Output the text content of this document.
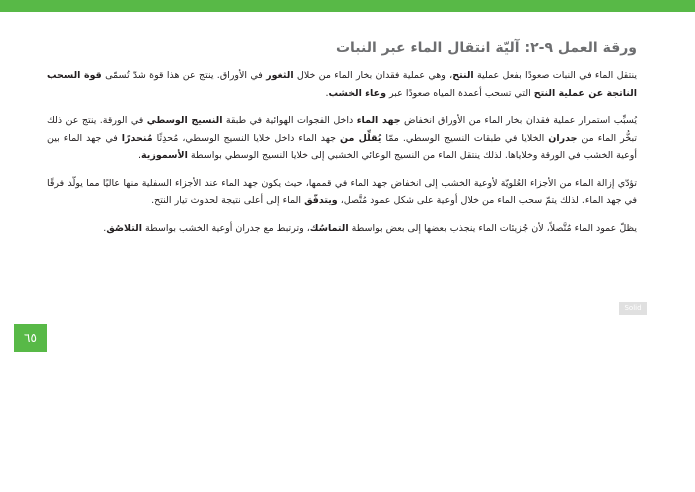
ورقة العمل ٩-٢: آليّة انتقال الماء عبر النبات

ينتقل الماء في النبات صعودًا بفعل عملية النتح، وهي عملية فقدان بخار الماء من خلال الثغور في الأوراق. ينتج عن هذا قوة شدّ تُسمّى قوة السحب الناتجة عن عملية النتح التي تسحب أعمدة المياه صعودًا عبر وعاء الخشب.

يُسبِّب استمرار عملية فقدان بخار الماء من الأوراق انخفاض جهد الماء داخل الفجوات الهوائية في طبقة النسيج الوسطي في الورقة. ينتج عن ذلك تبخُّر الماء من جدران الخلايا في طبقات النسيج الوسطي. ممّا يُقلِّل من جهد الماء داخل خلايا النسيج الوسطي، مُحدِثًا مُنحدرًا في جهد الماء بين أوعية الخشب في الورقة وخلاياها. لذلك ينتقل الماء من النسيج الوعائي الخشبي إلى خلايا النسيج الوسطي بواسطة الأسموزية.

تؤدّي إزالة الماء من الأجزاء العُلويّة لأوعية الخشب إلى انخفاض جهد الماء في قممها، حيث يكون جهد الماء عند الأجزاء السفلية منها عاليًا مما يولّد فرقًا في جهد الماء. لذلك يتمّ سحب الماء من خلال أوعية على شكل عمود مُتَّصل، ويتدفّق الماء إلى أعلى نتيجة لحدوث تيار النتح.

يظلّ عمود الماء مُتَّصلاً، لأن جُزيئات الماء ينجذب بعضها إلى بعض بواسطة التماسُك، وترتبط مع جدران أوعية الخشب بواسطة التلاصُق.

Solid
٦٥
